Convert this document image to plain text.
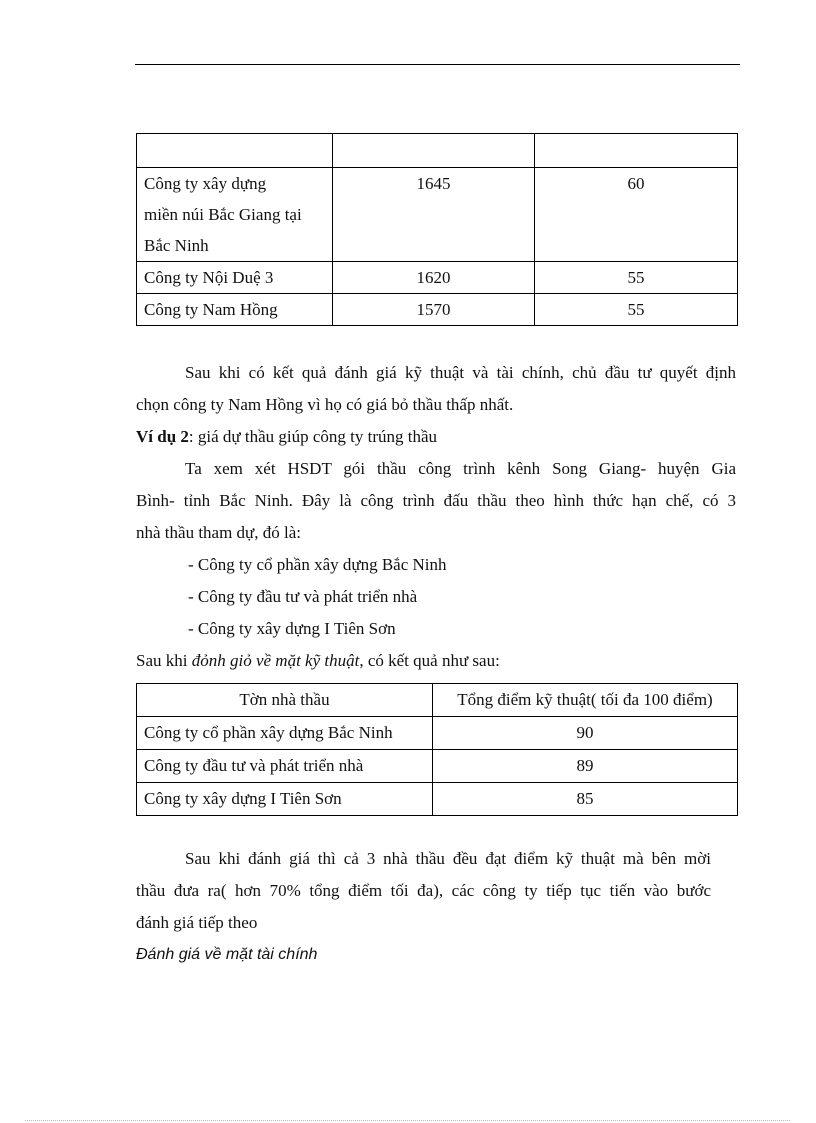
Công ty xây dựng
miền núi Bắc Giang tại
Bắc Ninh	1645	60
Công ty Nội Duệ 3	1620	55
Công ty Nam Hồng	1570	55

Sau khi có kết quả đánh giá kỹ thuật và tài chính, chủ đầu tư quyết định

chọn công ty Nam Hồng vì họ có giá bỏ thầu thấp nhất.

Ví dụ 2: giá dự thầu giúp công ty trúng thầu

Ta xem xét HSDT gói thầu công trình kênh Song Giang- huyện Gia

Bình- tỉnh Bắc Ninh. Đây là công trình đấu thầu theo hình thức hạn chế, có 3

nhà thầu tham dự, đó là:

- Công ty cổ phần xây dựng Bắc Ninh

- Công ty đầu tư và phát triển nhà

- Công ty xây dựng I Tiên Sơn

Sau khi đỏnh giỏ về mặt kỹ thuật, có kết quả như sau:

Tờn nhà thầu	Tổng điểm kỹ thuật( tối đa 100 điểm)
Công ty cổ phần xây dựng Bắc Ninh	90
Công ty đầu tư và phát triển nhà	89
Công ty xây dựng I Tiên Sơn	85

Sau khi đánh giá thì cả 3 nhà thầu đều đạt điểm kỹ thuật mà bên mời

thầu đưa ra( hơn 70% tổng điểm tối đa), các công ty tiếp tục tiến vào bước

đánh giá tiếp theo

Đánh giá về mặt tài chính
